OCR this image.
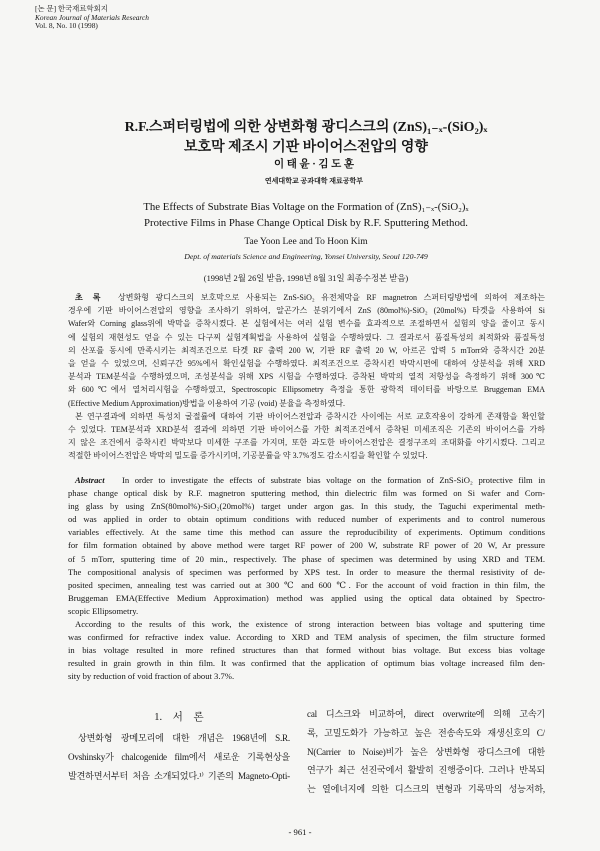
[논 문] 한국재료학회지
Korean Journal of Materials Research
Vol. 8, No. 10 (1998)
R.F.스퍼터링법에 의한 상변화형 광디스크의 (ZnS)₁₋ₓ-(SiO₂)ₓ
보호막 제조시 기판 바이어스전압의 영향
이 태 윤 · 김 도 훈
연세대학교 공과대학 재료공학부
The Effects of Substrate Bias Voltage on the Formation of (ZnS)₁₋ₓ-(SiO₂)ₓ
Protective Films in Phase Change Optical Disk by R.F. Sputtering Method.
Tae Yoon Lee and To Hoon Kim
Dept. of materials Science and Engineering, Yonsei University, Seoul 120-749
(1998년 2월 26일 받음, 1998년 8월 31일 최종수정본 받음)
초 록 상변화형 광디스크의 보호막으로 사용되는 ZnS-SiO₂ 유전체막을 RF magnetron 스퍼터링방법에 의하여 제조하는
경우에 기판 바이어스전압의 영향을 조사하기 위하여, 알곤가스 분위기에서 ZnS (80mol%)-SiO₂ (20mol%) 타겟을 사용하여 Si
Wafer와 Corning glass위에 박막을 증착시켰다. 본 실험에서는 여러 실험 변수를 효과적으로 조절하면서 실험의 양을 줄이고 동시
에 실험의 재현성도 얻을 수 있는 다구찌 실험계획법을 사용하여 실험을 수행하였다. 그 결과로서 품질특성의 최적화와 품질특성
의 산포를 동시에 만족시키는 최적조건으로 타겟 RF 출력 200 W, 기판 RF 출력 20 W, 아르곤 압력 5 mTorr와 증착시간 20분
을 얻을 수 있었으며, 신뢰구간 95%에서 확인실험을 수행하였다. 최적조건으로 증착시킨 박막시편에 대하여 상분석을 위해 XRD
분석과 TEM분석을 수행하였으며, 조성분석을 위해 XPS 시험을 수행하였다. 증착된 박막의 열적 저항성을 측정하기 위해 300℃
와 600℃에서 열처리시험을 수행하였고, Spectroscopic Ellipsometry 측정을 통한 광학적 데이터를 바탕으로 Bruggeman EMA
(Effective Medium Approximation)방법을 이용하여 기공 (void) 분율을 측정하였다.
본 연구결과에 의하면 특성치 굴절률에 대하여 기판 바이어스전압과 증착시간 사이에는 서로 교호작용이 강하게 존재함을 확인할
수 있었다. TEM분석과 XRD분석 결과에 의하면 기판 바이어스를 가한 최적조건에서 증착된 미세조직은 기존의 바이어스를 가하
지 않은 조건에서 증착시킨 박막보다 미세한 구조를 가지며, 또한 과도한 바이어스전압은 결정구조의 조대화를 야기시켰다. 그리고
적절한 바이어스전압은 박막의 밀도를 증가시키며, 기공분률을 약 3.7%정도 감소시킴을 확인할 수 있었다.
Abstract In order to investigate the effects of substrate bias voltage on the formation of ZnS-SiO₂ protective film in
phase change optical disk by R.F. magnetron sputtering method, thin dielectric film was formed on Si wafer and Corn-
ing glass by using ZnS(80mol%)-SiO₂(20mol%) target under argon gas. In this study, the Taguchi experimental meth-
od was applied in order to obtain optimum conditions with reduced number of experiments and to control numerous
variables effectively. At the same time this method can assure the reproducibility of experiments. Optimum conditions
for film formation obtained by above method were target RF power of 200 W, substrate RF power of 20 W, Ar pressure
of 5 mTorr, sputtering time of 20 min., respectively. The phase of specimen was determined by using XRD and TEM.
The compositional analysis of specimen was performed by XPS test. In order to measure the thermal resistivity of de-
posited specimen, annealing test was carried out at 300 ℃ and 600 ℃. For the account of void fraction in thin film, the
Bruggeman EMA(Effective Medium Approximation) method was applied using the optical data obtained by Spectro-
scopic Ellipsometry.
According to the results of this work, the existence of strong interaction between bias voltage and sputtering time
was confirmed for refractive index value. According to XRD and TEM analysis of specimen, the film structure formed
in bias voltage resulted in more refined structures than that formed without bias voltage. But excess bias voltage
resulted in grain growth in thin film. It was confirmed that the application of optimum bias voltage increased film den-
sity by reduction of void fraction of about 3.7%.
1. 서 론
상변화형 광메모리에 대한 개념은 1968년에 S.R.
Ovshinsky가 chalcogenide film에서 새로운 기록현상을
발견하면서부터 처음 소개되었다.¹⁾ 기존의 Magneto-Opti-
cal 디스크와 비교하여, direct overwrite에 의해 고속기
록, 고밀도화가 가능하고 높은 전송속도와 재생신호의 C/
N(Carrier to Noise)비가 높은 상변화형 광디스크에 대한
연구가 최근 선진국에서 활발히 진행중이다. 그러나 반복되
는 열에너지에 의한 디스크의 변형과 기록막의 성능저하,
- 961 -
